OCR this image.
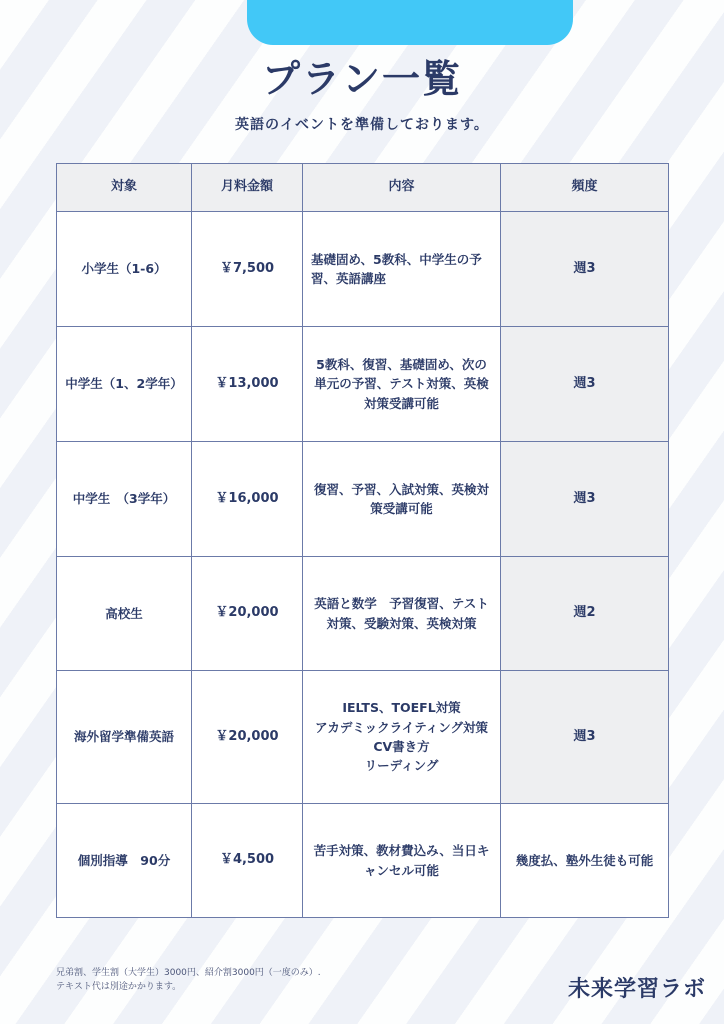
プラン一覧
英語のイベントを準備しております。
対象	月料金額	内容	頻度
小学生（1-6）	￥7,500	基礎固め、5教科、中学生の予習、英語講座	週3
中学生（1、2学年）	￥13,000	5教科、復習、基礎固め、次の単元の予習、テスト対策、英検対策受講可能	週3
中学生　（3学年）	￥16,000	復習、予習、入試対策、英検対策受講可能	週3
高校生	￥20,000	英語と数学　予習復習、テスト対策、受験対策、英検対策	週2
海外留学準備英語	￥20,000	IELTS、TOEFL対策
アカデミックライティング対策
CV書き方
リーディング	週3
個別指導　90分	￥4,500	苦手対策、教材費込み、当日キャンセル可能	幾度払、塾外生徒も可能
兄弟割、学生割（大学生）3000円、紹介割3000円（一度のみ）.
テキスト代は別途かかります。	未来学習ラボ
